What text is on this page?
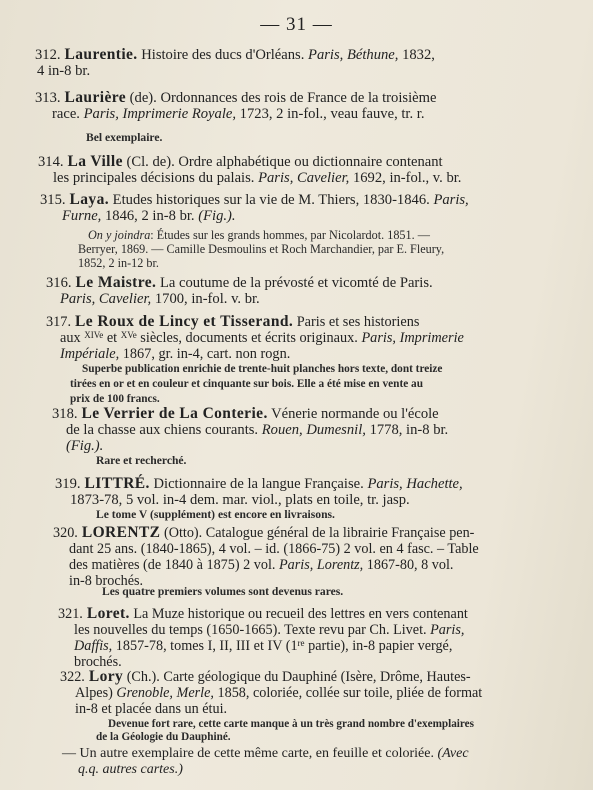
— 31 —
312. Laurentie. Histoire des ducs d'Orléans. Paris, Béthune, 1832,
4 in-8 br.
313. Laurière (de). Ordonnances des rois de France de la troisième
race. Paris, Imprimerie Royale, 1723, 2 in-fol., veau fauve, tr. r.
Bel exemplaire.
314. La Ville (Cl. de). Ordre alphabétique ou dictionnaire contenant
les principales décisions du palais. Paris, Cavelier, 1692, in-fol., v. br.
315. Laya. Etudes historiques sur la vie de M. Thiers, 1830-1846. Paris,
Furne, 1846, 2 in-8 br. (Fig.).
On y joindra: Études sur les grands hommes, par Nicolardot. 1851. —
Berryer, 1869. — Camille Desmoulins et Roch Marchandier, par E. Fleury,
1852, 2 in-12 br.
316. Le Maistre. La coutume de la prévosté et vicomté de Paris.
Paris, Cavelier, 1700, in-fol. v. br.
317. Le Roux de Lincy et Tisserand. Paris et ses historiens
aux $^{XIVe}$ et $^{XVe}$ siècles, documents et écrits originaux. Paris, Imprimerie
Impériale, 1867, gr. in-4, cart. non rogn.
Superbe publication enrichie de trente-huit planches hors texte, dont treize
tirées en or et en couleur et cinquante sur bois. Elle a été mise en vente au
prix de 100 francs.
318. Le Verrier de La Conterie. Vénerie normande ou l'école
de la chasse aux chiens courants. Rouen, Dumesnil, 1778, in-8 br.
(Fig.).
Rare et recherché.
319. LITTRÉ. Dictionnaire de la langue Française. Paris, Hachette,
1873-78, 5 vol. in-4 dem. mar. viol., plats en toile, tr. jasp.
Le tome V (supplément) est encore en livraisons.
320. LORENTZ (Otto). Catalogue général de la librairie Française pen-
dant 25 ans. (1840-1865), 4 vol. – id. (1866-75) 2 vol. en 4 fasc. – Table
des matières (de 1840 à 1875) 2 vol. Paris, Lorentz, 1867-80, 8 vol.
in-8 brochés.
Les quatre premiers volumes sont devenus rares.
321. Loret. La Muze historique ou recueil des lettres en vers contenant
les nouvelles du temps (1650-1665). Texte revu par Ch. Livet. Paris,
Daffis, 1857-78, tomes I, II, III et IV (1re partie), in-8 papier vergé,
brochés.
322. Lory (Ch.). Carte géologique du Dauphiné (Isère, Drôme, Hautes-
Alpes) Grenoble, Merle, 1858, coloriée, collée sur toile, pliée de format
in-8 et placée dans un étui.
Devenue fort rare, cette carte manque à un très grand nombre d'exemplaires
de la Géologie du Dauphiné.
— Un autre exemplaire de cette même carte, en feuille et coloriée. (Avec
q.q. autres cartes.)
